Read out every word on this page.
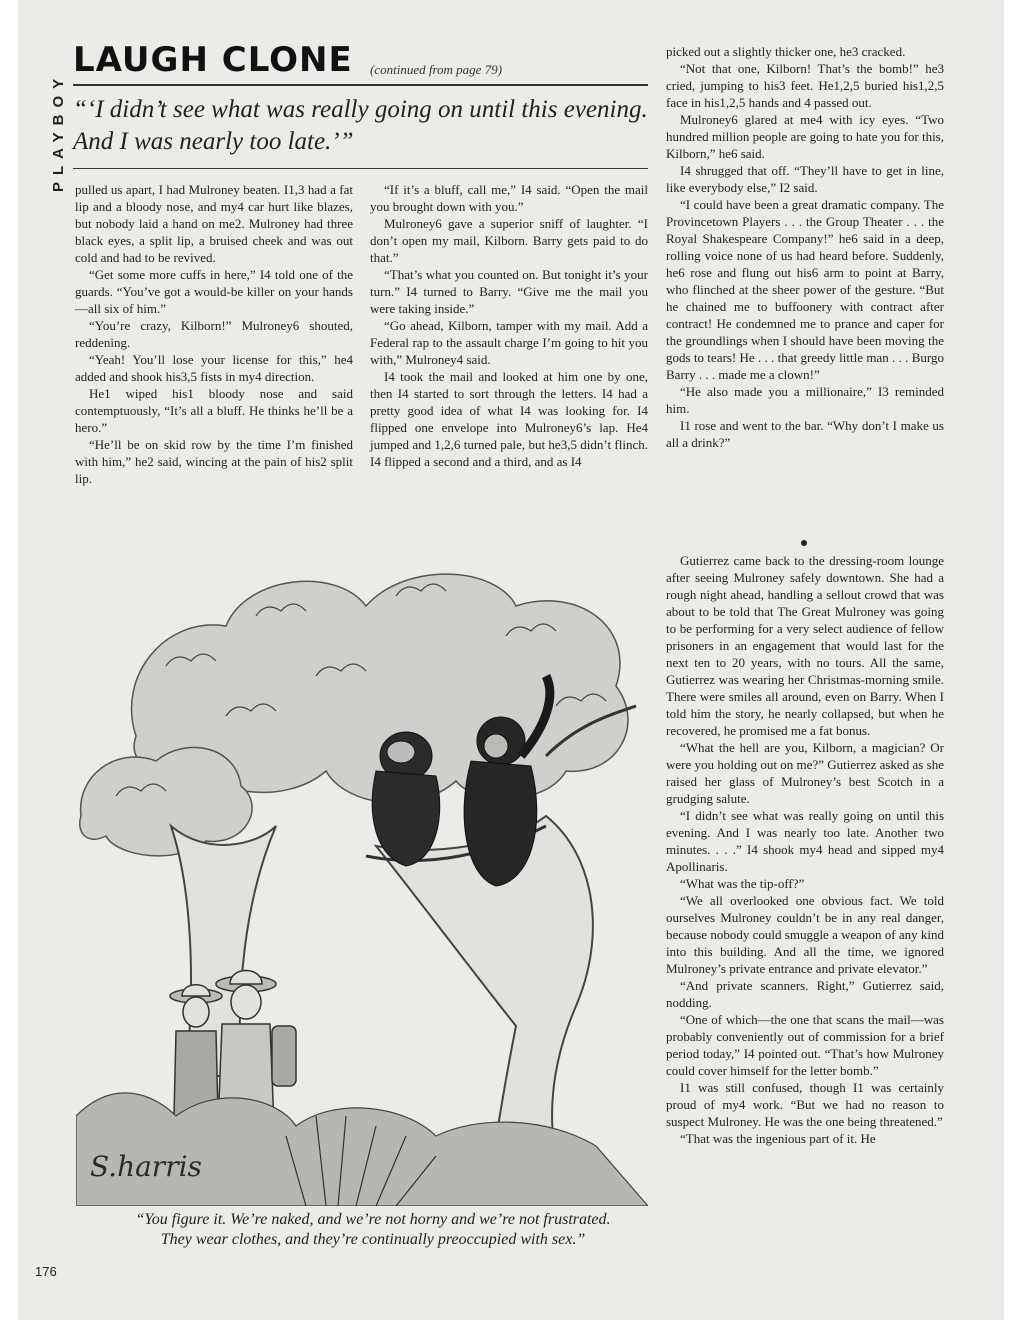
PLAYBOY
LAUGH CLONE (continued from page 79)
“‘I didn’t see what was really going on until this evening. And I was nearly too late.’”

pulled us apart, I had Mulroney beaten. I1,3 had a fat lip and a bloody nose, and my4 car hurt like blazes, but nobody laid a hand on me2. Mulroney had three black eyes, a split lip, a bruised cheek and was out cold and had to be revived.

“Get some more cuffs in here,” I4 told one of the guards. “You’ve got a would-be killer on your hands—all six of him.”

“You’re crazy, Kilborn!” Mulroney6 shouted, reddening.

“Yeah! You’ll lose your license for this,” he4 added and shook his3,5 fists in my4 direction.

He1 wiped his1 bloody nose and said contemptuously, “It’s all a bluff. He thinks he’ll be a hero.”

“He’ll be on skid row by the time I’m finished with him,” he2 said, wincing at the pain of his2 split lip.

“If it’s a bluff, call me,” I4 said. “Open the mail you brought down with you.”

Mulroney6 gave a superior sniff of laughter. “I don’t open my mail, Kilborn. Barry gets paid to do that.”

“That’s what you counted on. But tonight it’s your turn.” I4 turned to Barry. “Give me the mail you were taking inside.”

“Go ahead, Kilborn, tamper with my mail. Add a Federal rap to the assault charge I’m going to hit you with,” Mulroney4 said.

I4 took the mail and looked at him one by one, then I4 started to sort through the letters. I4 had a pretty good idea of what I4 was looking for. I4 flipped one envelope into Mulroney6’s lap. He4 jumped and 1,2,6 turned pale, but he3,5 didn’t flinch. I4 flipped a second and a third, and as I4

picked out a slightly thicker one, he3 cracked.

“Not that one, Kilborn! That’s the bomb!” he3 cried, jumping to his3 feet. He1,2,5 buried his1,2,5 face in his1,2,5 hands and 4 passed out.

Mulroney6 glared at me4 with icy eyes. “Two hundred million people are going to hate you for this, Kilborn,” he6 said.

I4 shrugged that off. “They’ll have to get in line, like everybody else,” I2 said.

“I could have been a great dramatic company. The Provincetown Players . . . the Group Theater . . . the Royal Shakespeare Company!” he6 said in a deep, rolling voice none of us had heard before. Suddenly, he6 rose and flung out his6 arm to point at Barry, who flinched at the sheer power of the gesture. “But he chained me to buffoonery with contract after contract! He condemned me to prance and caper for the groundlings when I should have been moving the gods to tears! He . . . that greedy little man . . . Burgo Barry . . . made me a clown!”

“He also made you a millionaire,” I3 reminded him.

I1 rose and went to the bar. “Why don’t I make us all a drink?”

Gutierrez came back to the dressing-room lounge after seeing Mulroney safely downtown. She had a rough night ahead, handling a sellout crowd that was about to be told that The Great Mulroney was going to be performing for a very select audience of fellow prisoners in an engagement that would last for the next ten to 20 years, with no tours. All the same, Gutierrez was wearing her Christmas-morning smile. There were smiles all around, even on Barry. When I told him the story, he nearly collapsed, but when he recovered, he promised me a fat bonus.

“What the hell are you, Kilborn, a magician? Or were you holding out on me?” Gutierrez asked as she raised her glass of Mulroney’s best Scotch in a grudging salute.

“I didn’t see what was really going on until this evening. And I was nearly too late. Another two minutes. . . .” I4 shook my4 head and sipped my4 Apollinaris.

“What was the tip-off?”

“We all overlooked one obvious fact. We told ourselves Mulroney couldn’t be in any real danger, because nobody could smuggle a weapon of any kind into this building. And all the time, we ignored Mulroney’s private entrance and private elevator.”

“And private scanners. Right,” Gutierrez said, nodding.

“One of which—the one that scans the mail—was probably conveniently out of commission for a brief period today,” I4 pointed out. “That’s how Mulroney could cover himself for the letter bomb.”

I1 was still confused, though I1 was certainly proud of my4 work. “But we had no reason to suspect Mulroney. He was the one being threatened.”

“That was the ingenious part of it. He

S.harris
“You figure it. We’re naked, and we’re not horny and we’re not frustrated. They wear clothes, and they’re continually preoccupied with sex.”
176
